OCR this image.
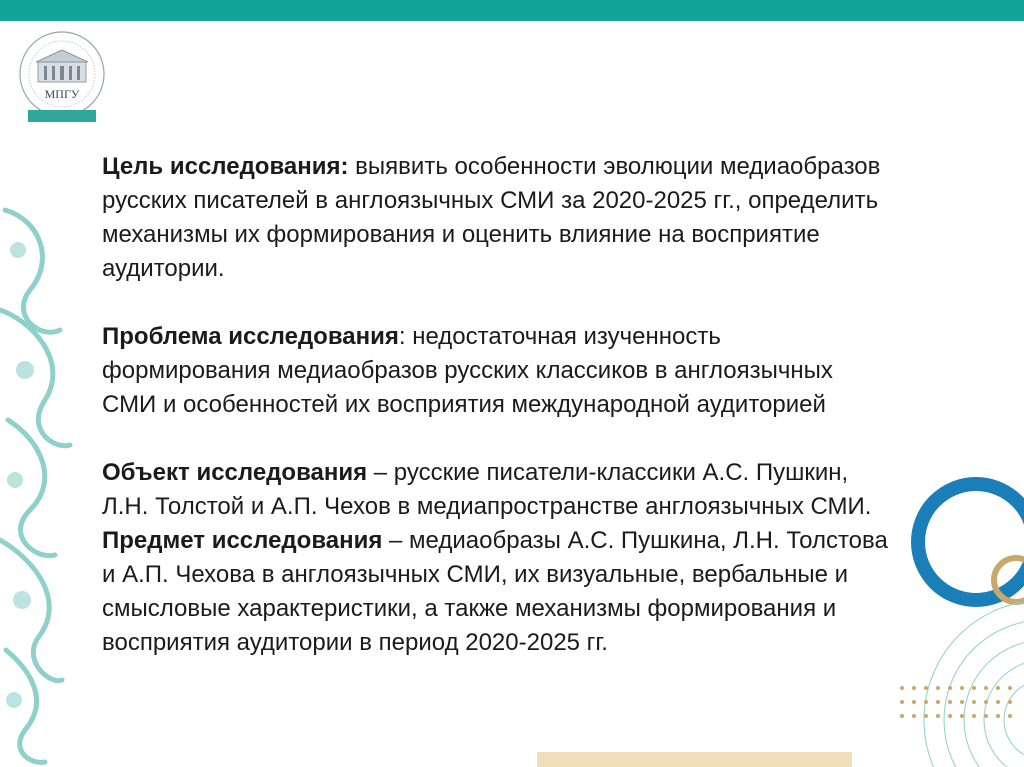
МПГУ

Цель исследования: выявить особенности эволюции медиаобразов русских писателей в англоязычных СМИ за 2020-2025 гг., определить механизмы их формирования и оценить влияние на восприятие аудитории.

Проблема исследования: недостаточная изученность формирования медиаобразов русских классиков в англоязычных СМИ и особенностей их восприятия международной аудиторией

Объект исследования – русские писатели-классики А.С. Пушкин, Л.Н. Толстой и А.П. Чехов в медиапространстве англоязычных СМИ.

Предмет исследования – медиаобразы А.С. Пушкина, Л.Н. Толстова и А.П. Чехова в англоязычных СМИ, их визуальные, вербальные и смысловые характеристики, а также механизмы формирования и восприятия аудитории в период 2020-2025 гг.
